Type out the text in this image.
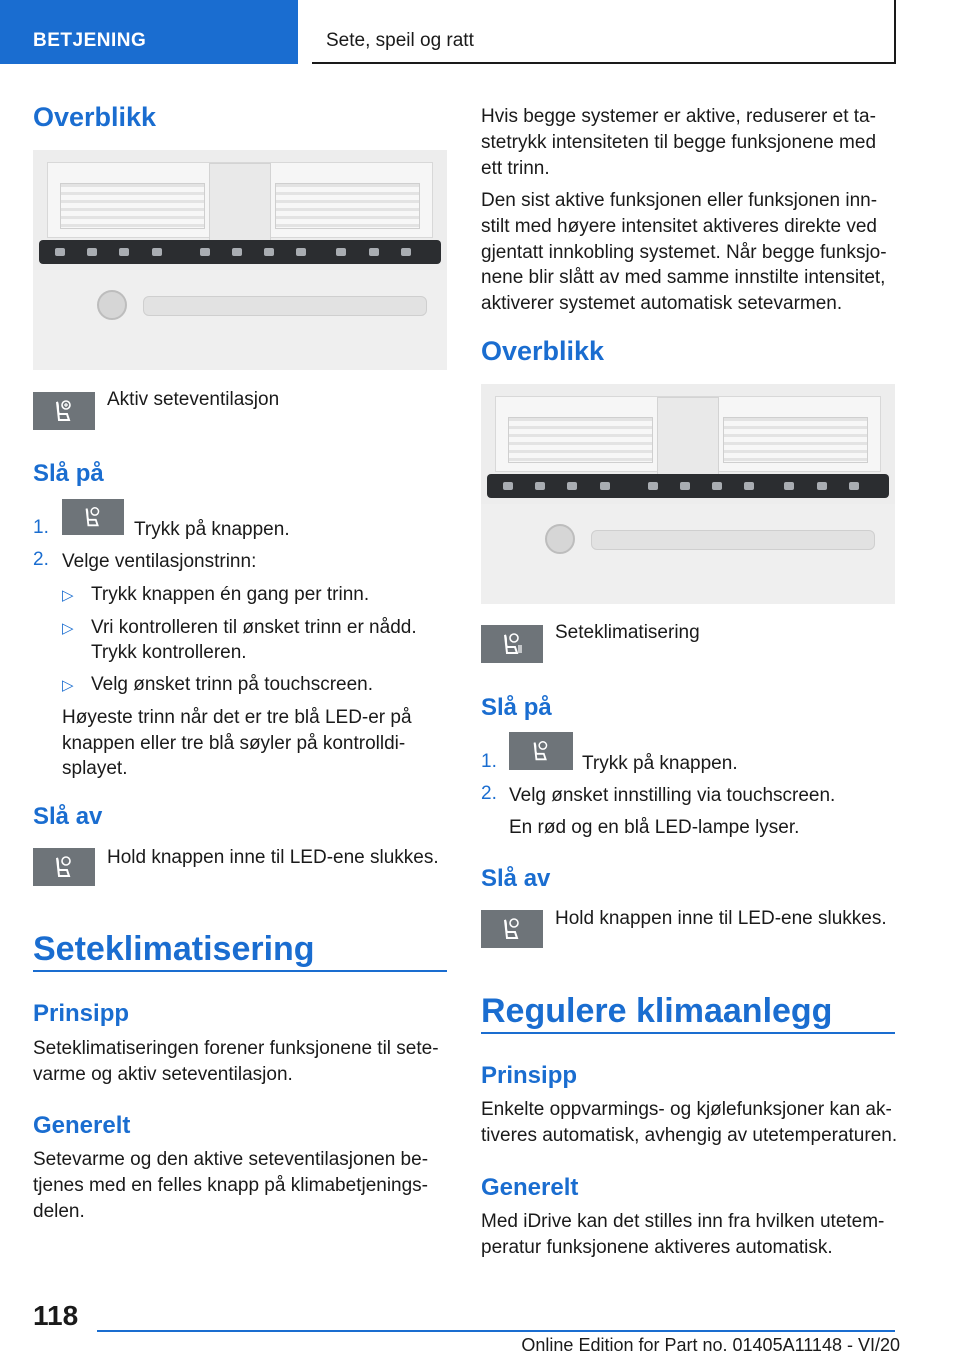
BETJENING	Sete, speil og ratt
Overblikk
Aktiv seteventilasjon
Slå på
1.	Trykk på knappen.
2. Velge ventilasjonstrinn:
▷ Trykk knappen én gang per trinn.
▷ Vri kontrolleren til ønsket trinn er nådd.
Trykk kontrolleren.
▷ Velg ønsket trinn på touchscreen.
Høyeste trinn når det er tre blå LED-er på
knappen eller tre blå søyler på kontrolldi-
splayet.
Slå av
Hold knappen inne til LED-ene slukkes.
Seteklimatisering
Prinsipp
Seteklimatiseringen forener funksjonene til sete-
varme og aktiv seteventilasjon.
Generelt
Setevarme og den aktive seteventilasjonen be-
tjenes med en felles knapp på klimabetjenings-
delen.
Hvis begge systemer er aktive, reduserer et ta-
stetrykk intensiteten til begge funksjonene med
ett trinn.
Den sist aktive funksjonen eller funksjonen inn-
stilt med høyere intensitet aktiveres direkte ved
gjentatt innkobling systemet. Når begge funksjo-
nene blir slått av med samme innstilte intensitet,
aktiverer systemet automatisk setevarmen.
Overblikk
Seteklimatisering
Slå på
1.	Trykk på knappen.
2. Velg ønsket innstilling via touchscreen.
En rød og en blå LED-lampe lyser.
Slå av
Hold knappen inne til LED-ene slukkes.
Regulere klimaanlegg
Prinsipp
Enkelte oppvarmings- og kjølefunksjoner kan ak-
tiveres automatisk, avhengig av utetemperaturen.
Generelt
Med iDrive kan det stilles inn fra hvilken utetem-
peratur funksjonene aktiveres automatisk.
118
Online Edition for Part no. 01405A11148 - VI/20
